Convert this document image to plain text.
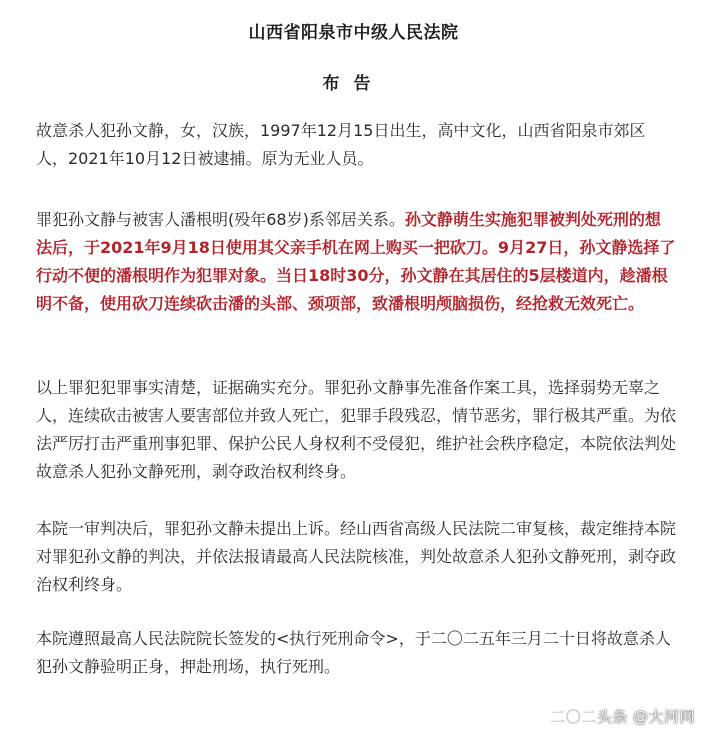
山西省阳泉市中级人民法院
布告

故意杀人犯孙文静，女，汉族，1997年12月15日出生，高中文化，山西省阳泉市郊区人，2021年10月12日被逮捕。原为无业人员。

罪犯孙文静与被害人潘根明(殁年68岁)系邻居关系。孙文静萌生实施犯罪被判处死刑的想法后，于2021年9月18日使用其父亲手机在网上购买一把砍刀。9月27日，孙文静选择了行动不便的潘根明作为犯罪对象。当日18时30分，孙文静在其居住的5层楼道内，趁潘根明不备，使用砍刀连续砍击潘的头部、颈项部，致潘根明颅脑损伤，经抢救无效死亡。

以上罪犯犯罪事实清楚，证据确实充分。罪犯孙文静事先准备作案工具，选择弱势无辜之人，连续砍击被害人要害部位并致人死亡，犯罪手段残忍，情节恶劣，罪行极其严重。为依法严厉打击严重刑事犯罪、保护公民人身权利不受侵犯，维护社会秩序稳定，本院依法判处故意杀人犯孙文静死刑，剥夺政治权利终身。

本院一审判决后，罪犯孙文静未提出上诉。经山西省高级人民法院二审复核，裁定维持本院对罪犯孙文静的判决，并依法报请最高人民法院核准，判处故意杀人犯孙文静死刑，剥夺政治权利终身。

本院遵照最高人民法院院长签发的<执行死刑命令>，于二〇二五年三月二十日将故意杀人犯孙文静验明正身，押赴刑场，执行死刑。

二〇二头条 @大河网
